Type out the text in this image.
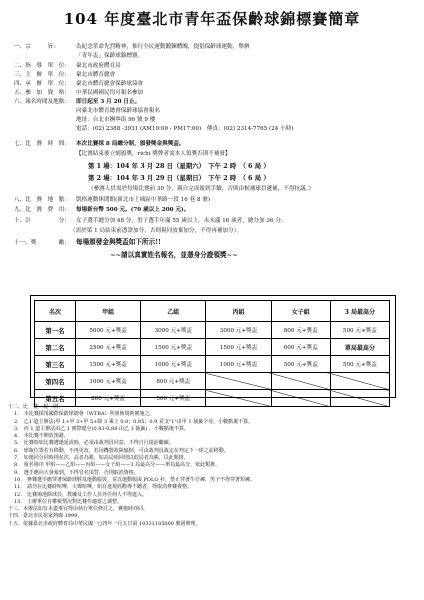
104 年度臺北市青年盃保齡球錦標賽簡章
一、宗　　　旨：	為紀念革命先烈精神，推行全民運動鍛鍊體魄，提倡保齡球運動，舉辦
「青年盃」保齡球錦標賽。
二、指　導　單　位： 臺北市政府體育局
三、主　辦　單　位： 臺北市體育總會
四、承　辦　單　位： 臺北市體育總會保齡球協會
五、參　加　資　格： 中華民國國民均可報名參加
六、報名時間及地點： 即日起至 3 月 20 日止。
向臺北市體育總會保齡球協會報名
地址：台北市撫寧街 90 號 9 樓
電話：(02) 2388 -3931 (AM10:00 - PM17:00)　傳真：(02) 2314-7765 (24 小時)
七、比　賽　時　間： 本次比賽採 8 局總分制，頒發獎金與獎盃。
【比賽結束後立刻頒獎，richi 獎牌者需本人領獎否則不補發】
第 1 場：104 年 3 月 28 日（星期六）　下午 2 時　（ 6 局 ）
第 2 場：104 年 3 月 29 日（星期日）　下午 2 時　（ 6 局 ）
（參賽人員需於每場比賽前 30 分，親自完成報到手續，否則由候補球員遞補，不得抗議。）
八、比　賽　地　點： 凱格運動休閒館(新北市土城區中華路一段 16 巷 8 號)
九、比　賽　費　用： 每場新台幣 500 元。(70 歲以上 200 元)。
十、計　　　　　分： 女子選手總分加 48 分，男子選手年滿 55 歲以上，未未滿 16 歲者，總分加 36 分。
（需於第 1 局結束前憑證加分，否則視同放棄加分，不得再補加分）。
十一、獎　　　　勵： 每場頒發金與獎盃如下所示!!
~~請以真實姓名報名，並憑身分證領獎~~
名次	甲組	乙組	丙組	女子組	3 局最高分
第一名	5000 元+獎盃	3000 元+獎盃	3000 元+獎盃	800 元+獎盃	500 元+獎盃
第二名	2500 元+獎盃	1500 元+獎盃	1500 元+獎盃	600 元+獎盃	單局最高分
第三名	1500 元+獎盃	1000 元+獎盃	1000 元+獎盃	500 元+獎盃	500 元+獎盃
第四名	1000 元+獎盃	800 元+獎盃			
第五名	800 元+獎盃	500 元+獎盃			
十二、比　賽　規　則：
1.　本比賽採用國際保齡球總會（WTBA）所頒佈規則實施之。
2.　乙1 道主辦法(甲 1+甲 3+甲 5+除 3 乘上 0.8；0.85；0.9 並支"1"由甲 1 抽籤字母，小數點後不算。
3.　丙 1 道主辦法由乙 1 實際總分(0.83-0.88 由乙 1 抽籤) ，小數點後不算。
4.　本比賽不開放規避。
5.　比賽時如比賽遭遇延誤時，必須由裁判員同意，不得自行提前繼續。
6.　球瓶位置若有移動，不再更改，若因機器故障傾倒，可由裁判員裁定在判定下一球之前移動。
7.　如遇同分同時則名次，高者為勝，如高局相同則以低局者為勝，以此類推。
8.　報名場序 甲組——乙組——丙組——女子組——3 局最高分——單局最高分，依此類推。
9.　選手應向大會報到，不得冒名頂替，否則取消資格。
10.　參賽選手應穿著保齡球鞋及運動服裝，並以運動服或 POLO 衫，禁止穿著牛仔褲，男子不得穿著短褲。
11.　請勿在比賽時喧嘩，大聲喧嘩，如有違規經勸導不聽者，得取消參賽資格。
12.　比賽場地除球員，教練及工作人員外任何人不得進入。
13.　主辦單位有權視情況對比賽作適當之調整。
十三、本辦法如有未盡事宜得由執行單位修訂之，實施時亦同。
十四、臺北市民宿家熱線 1999。
十五、依據臺北市政府體育局中華民國一○四年一月五日第 10331185000 號函辦理。
